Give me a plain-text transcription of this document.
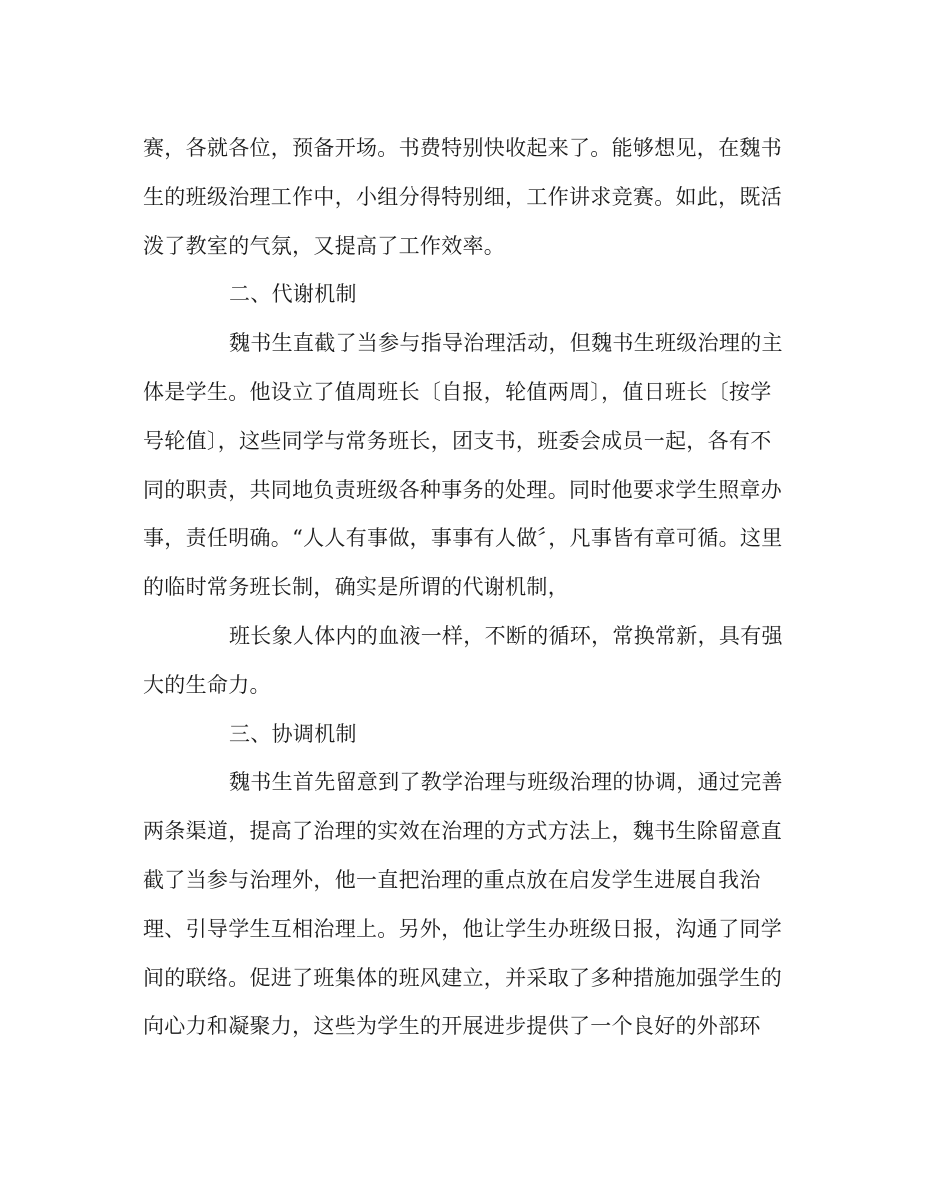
赛，各就各位，预备开场。书费特别快收起来了。能够想见，在魏书
生的班级治理工作中，小组分得特别细，工作讲求竞赛。如此，既活
泼了教室的气氛，又提高了工作效率。
二、代谢机制
魏书生直截了当参与指导治理活动，但魏书生班级治理的主
体是学生。他设立了值周班长〔自报，轮值两周〕，值日班长〔按学
号轮值〕，这些同学与常务班长，团支书，班委会成员一起，各有不
同的职责，共同地负责班级各种事务的处理。同时他要求学生照章办
事，责任明确。“人人有事做，事事有人做〞，凡事皆有章可循。这里
的临时常务班长制，确实是所谓的代谢机制，
班长象人体内的血液一样，不断的循环，常换常新，具有强
大的生命力。
三、协调机制
魏书生首先留意到了教学治理与班级治理的协调，通过完善
两条渠道，提高了治理的实效在治理的方式方法上，魏书生除留意直
截了当参与治理外，他一直把治理的重点放在启发学生进展自我治
理、引导学生互相治理上。另外，他让学生办班级日报，沟通了同学
间的联络。促进了班集体的班风建立，并采取了多种措施加强学生的
向心力和凝聚力，这些为学生的开展进步提供了一个良好的外部环
